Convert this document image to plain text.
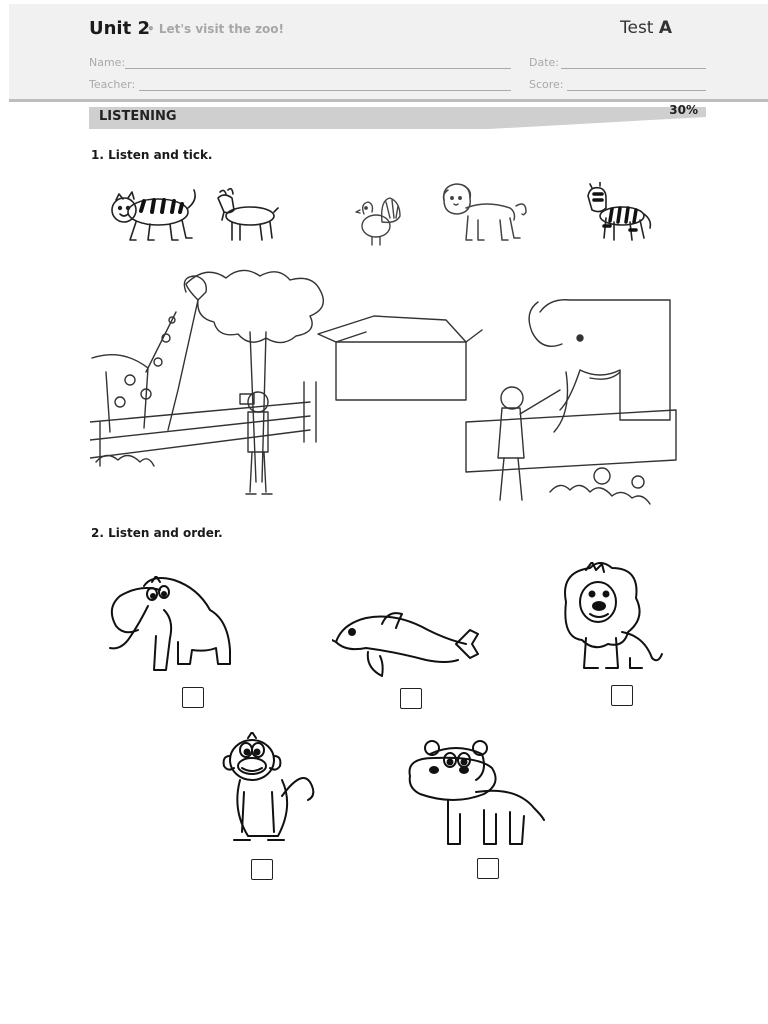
Unit 2
• Let's visit the zoo!	Test A
Name:	Date:
Teacher:	Score:
LISTENING	30%
1. Listen and tick.
2. Listen and order.
